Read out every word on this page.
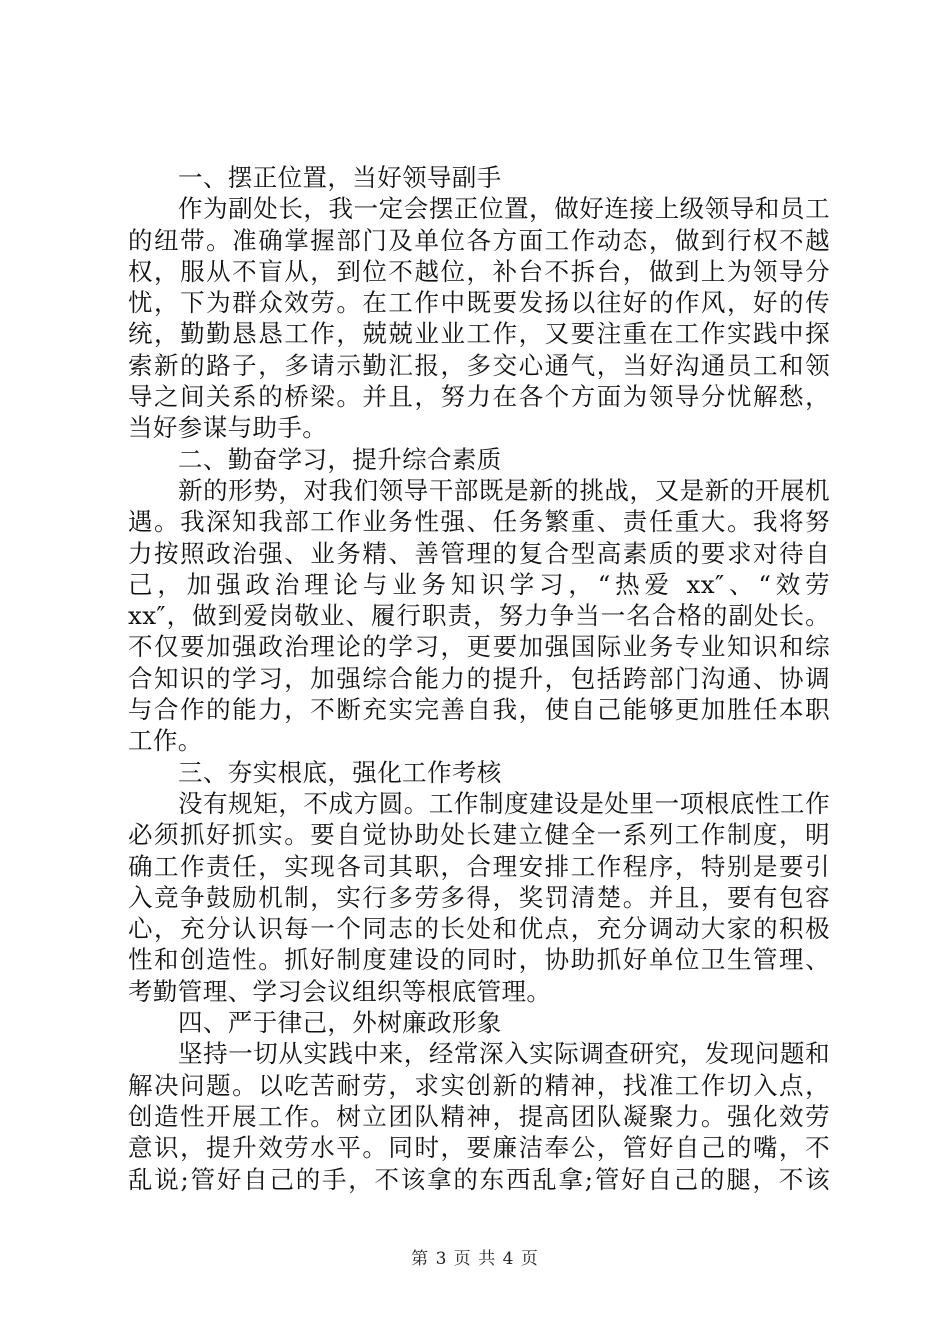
一、摆正位置，当好领导副手
作为副处长，我一定会摆正位置，做好连接上级领导和员工
的纽带。准确掌握部门及单位各方面工作动态，做到行权不越
权，服从不盲从，到位不越位，补台不拆台，做到上为领导分
忧，下为群众效劳。在工作中既要发扬以往好的作风，好的传
统，勤勤恳恳工作，兢兢业业工作，又要注重在工作实践中探
索新的路子，多请示勤汇报，多交心通气，当好沟通员工和领
导之间关系的桥梁。并且，努力在各个方面为领导分忧解愁，
当好参谋与助手。
二、勤奋学习，提升综合素质
新的形势，对我们领导干部既是新的挑战，又是新的开展机
遇。我深知我部工作业务性强、任务繁重、责任重大。我将努
力按照政治强、业务精、善管理的复合型高素质的要求对待自
己，加强政治理论与业务知识学习，“热爱 xx″、“效劳
xx″，做到爱岗敬业、履行职责，努力争当一名合格的副处长。
不仅要加强政治理论的学习，更要加强国际业务专业知识和综
合知识的学习，加强综合能力的提升，包括跨部门沟通、协调
与合作的能力，不断充实完善自我，使自己能够更加胜任本职
工作。
三、夯实根底，强化工作考核
没有规矩，不成方圆。工作制度建设是处里一项根底性工作
必须抓好抓实。要自觉协助处长建立健全一系列工作制度，明
确工作责任，实现各司其职，合理安排工作程序，特别是要引
入竞争鼓励机制，实行多劳多得，奖罚清楚。并且，要有包容
心，充分认识每一个同志的长处和优点，充分调动大家的积极
性和创造性。抓好制度建设的同时，协助抓好单位卫生管理、
考勤管理、学习会议组织等根底管理。
四、严于律己，外树廉政形象
坚持一切从实践中来，经常深入实际调查研究，发现问题和
解决问题。以吃苦耐劳，求实创新的精神，找准工作切入点，
创造性开展工作。树立团队精神，提高团队凝聚力。强化效劳
意识，提升效劳水平。同时，要廉洁奉公，管好自己的嘴，不
乱说;管好自己的手，不该拿的东西乱拿;管好自己的腿，不该
第 3 页 共 4 页
